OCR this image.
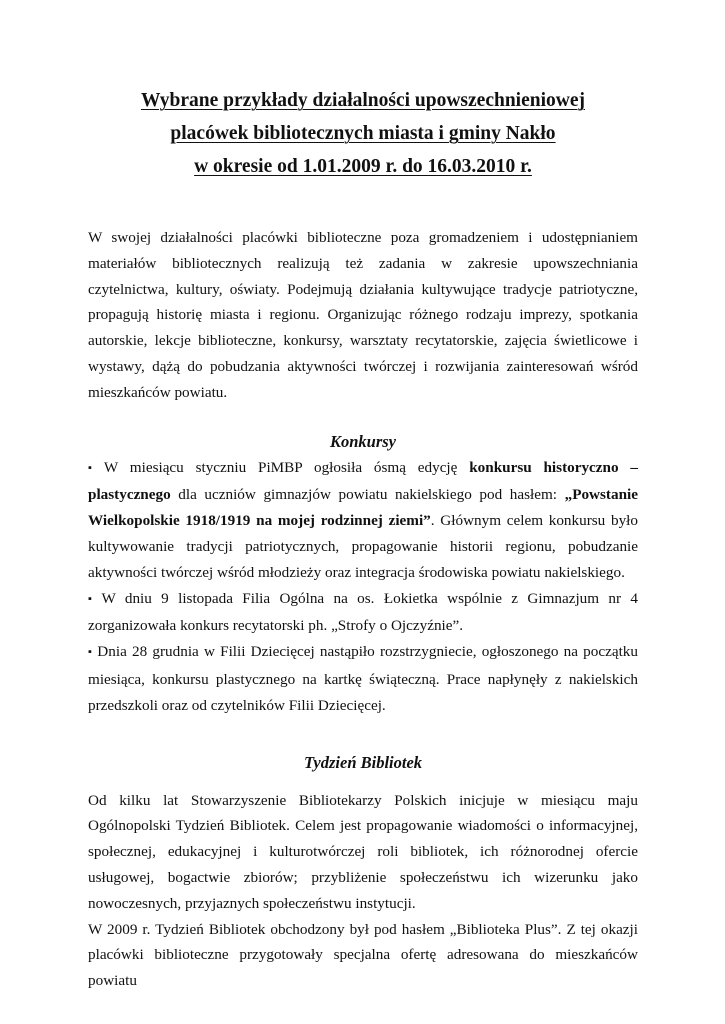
Wybrane przykłady działalności upowszechnieniowej
placówek bibliotecznych miasta i gminy Nakło
w okresie od 1.01.2009 r. do 16.03.2010 r.

W swojej działalności placówki biblioteczne poza gromadzeniem i udostępnianiem materiałów bibliotecznych realizują też zadania w zakresie upowszechniania czytelnictwa, kultury, oświaty. Podejmują działania kultywujące tradycje patriotyczne, propagują historię miasta i regionu. Organizując różnego rodzaju imprezy, spotkania autorskie, lekcje biblioteczne, konkursy, warsztaty recytatorskie, zajęcia świetlicowe i wystawy, dążą do pobudzania aktywności twórczej i rozwijania zainteresowań wśród mieszkańców powiatu.

Konkursy

▪ W miesiącu styczniu PiMBP ogłosiła ósmą edycję konkursu historyczno – plastycznego dla uczniów gimnazjów powiatu nakielskiego pod hasłem: „Powstanie Wielkopolskie 1918/1919 na mojej rodzinnej ziemi”. Głównym celem konkursu było kultywowanie tradycji patriotycznych, propagowanie historii regionu, pobudzanie aktywności twórczej wśród młodzieży oraz integracja środowiska powiatu nakielskiego.

▪ W dniu 9 listopada Filia Ogólna na os. Łokietka wspólnie z Gimnazjum nr 4 zorganizowała konkurs recytatorski ph. „Strofy o Ojczyźnie”.

▪ Dnia 28 grudnia w Filii Dziecięcej nastąpiło rozstrzygniecie, ogłoszonego na początku miesiąca, konkursu plastycznego na kartkę świąteczną. Prace napłynęły z nakielskich przedszkoli oraz od czytelników Filii Dziecięcej.

Tydzień Bibliotek

Od kilku lat Stowarzyszenie Bibliotekarzy Polskich inicjuje w miesiącu maju Ogólnopolski Tydzień Bibliotek. Celem jest propagowanie wiadomości o informacyjnej, społecznej, edukacyjnej i kulturotwórczej roli bibliotek, ich różnorodnej ofercie usługowej, bogactwie zbiorów; przybliżenie społeczeństwu ich wizerunku jako nowoczesnych, przyjaznych społeczeństwu instytucji.

W 2009 r. Tydzień Bibliotek obchodzony był pod hasłem „Biblioteka Plus”. Z tej okazji placówki biblioteczne przygotowały specjalna ofertę adresowana do mieszkańców powiatu
